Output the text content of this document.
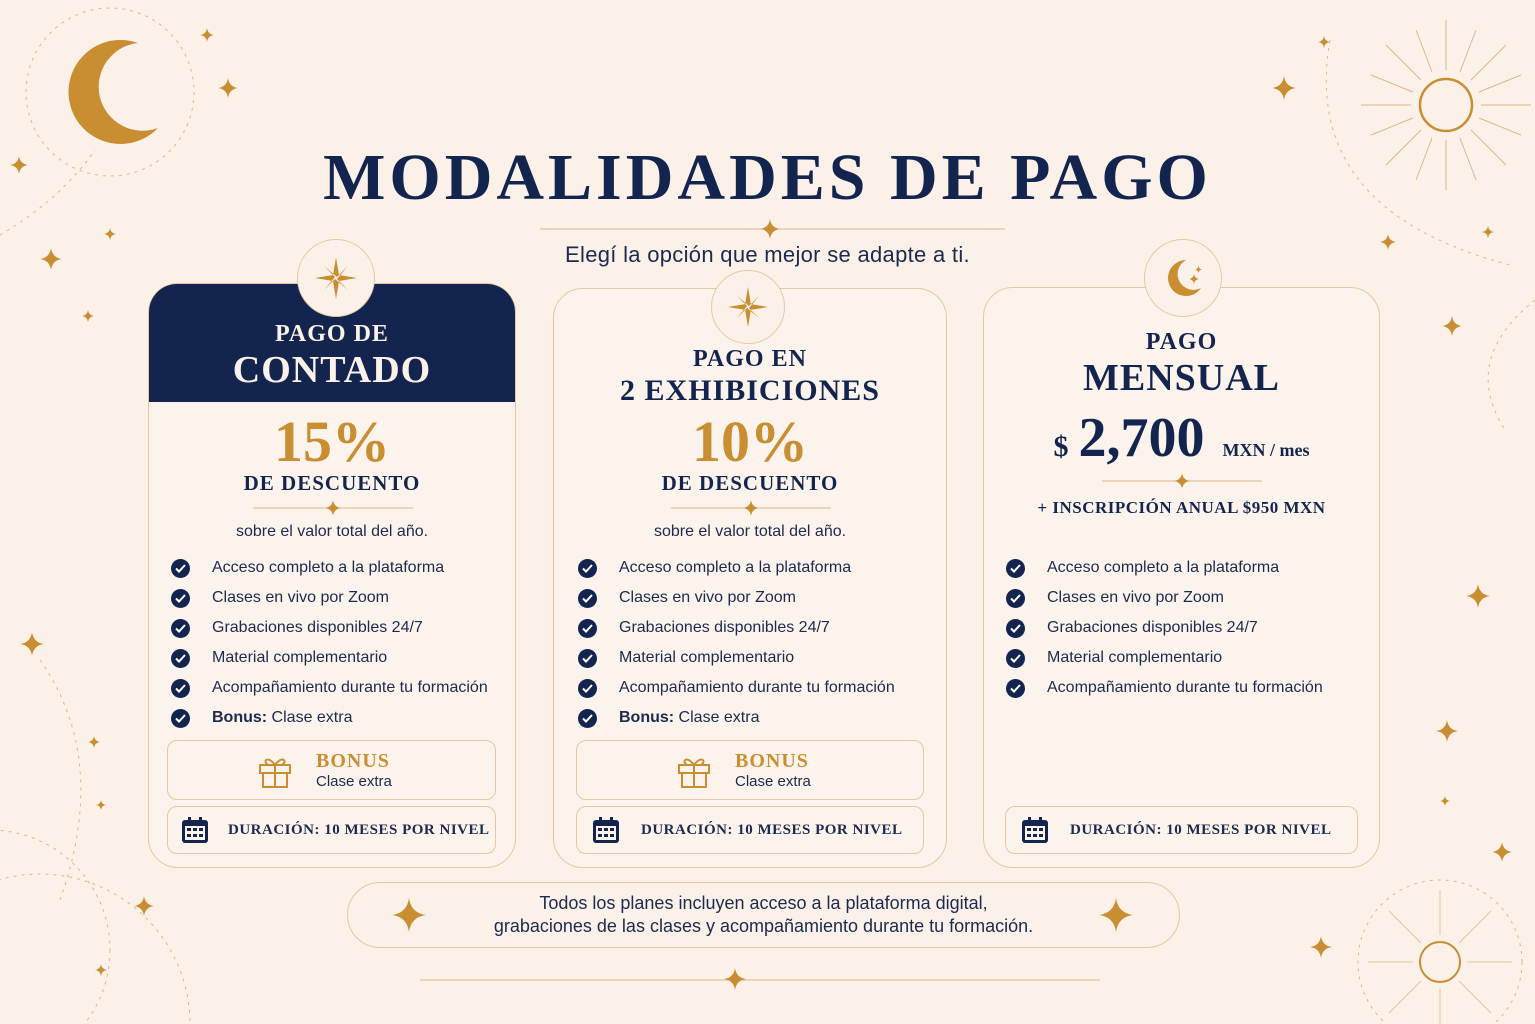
MODALIDADES DE PAGO
Elegí la opción que mejor se adapte a ti.
PAGO DE
CONTADO
15%
DE DESCUENTO
sobre el valor total del año.
Acceso completo a la plataforma
Clases en vivo por Zoom
Grabaciones disponibles 24/7
Material complementario
Acompañamiento durante tu formación
Bonus: Clase extra
BONUS
Clase extra
DURACIÓN: 10 MESES POR NIVEL
PAGO EN
2 EXHIBICIONES
10%
DE DESCUENTO
sobre el valor total del año.
Acceso completo a la plataforma
Clases en vivo por Zoom
Grabaciones disponibles 24/7
Material complementario
Acompañamiento durante tu formación
Bonus: Clase extra
BONUS
Clase extra
DURACIÓN: 10 MESES POR NIVEL
PAGO
MENSUAL
$ 2,700 MXN / mes
+ INSCRIPCIÓN ANUAL $950 MXN
Acceso completo a la plataforma
Clases en vivo por Zoom
Grabaciones disponibles 24/7
Material complementario
Acompañamiento durante tu formación
DURACIÓN: 10 MESES POR NIVEL
Todos los planes incluyen acceso a la plataforma digital,
grabaciones de las clases y acompañamiento durante tu formación.
